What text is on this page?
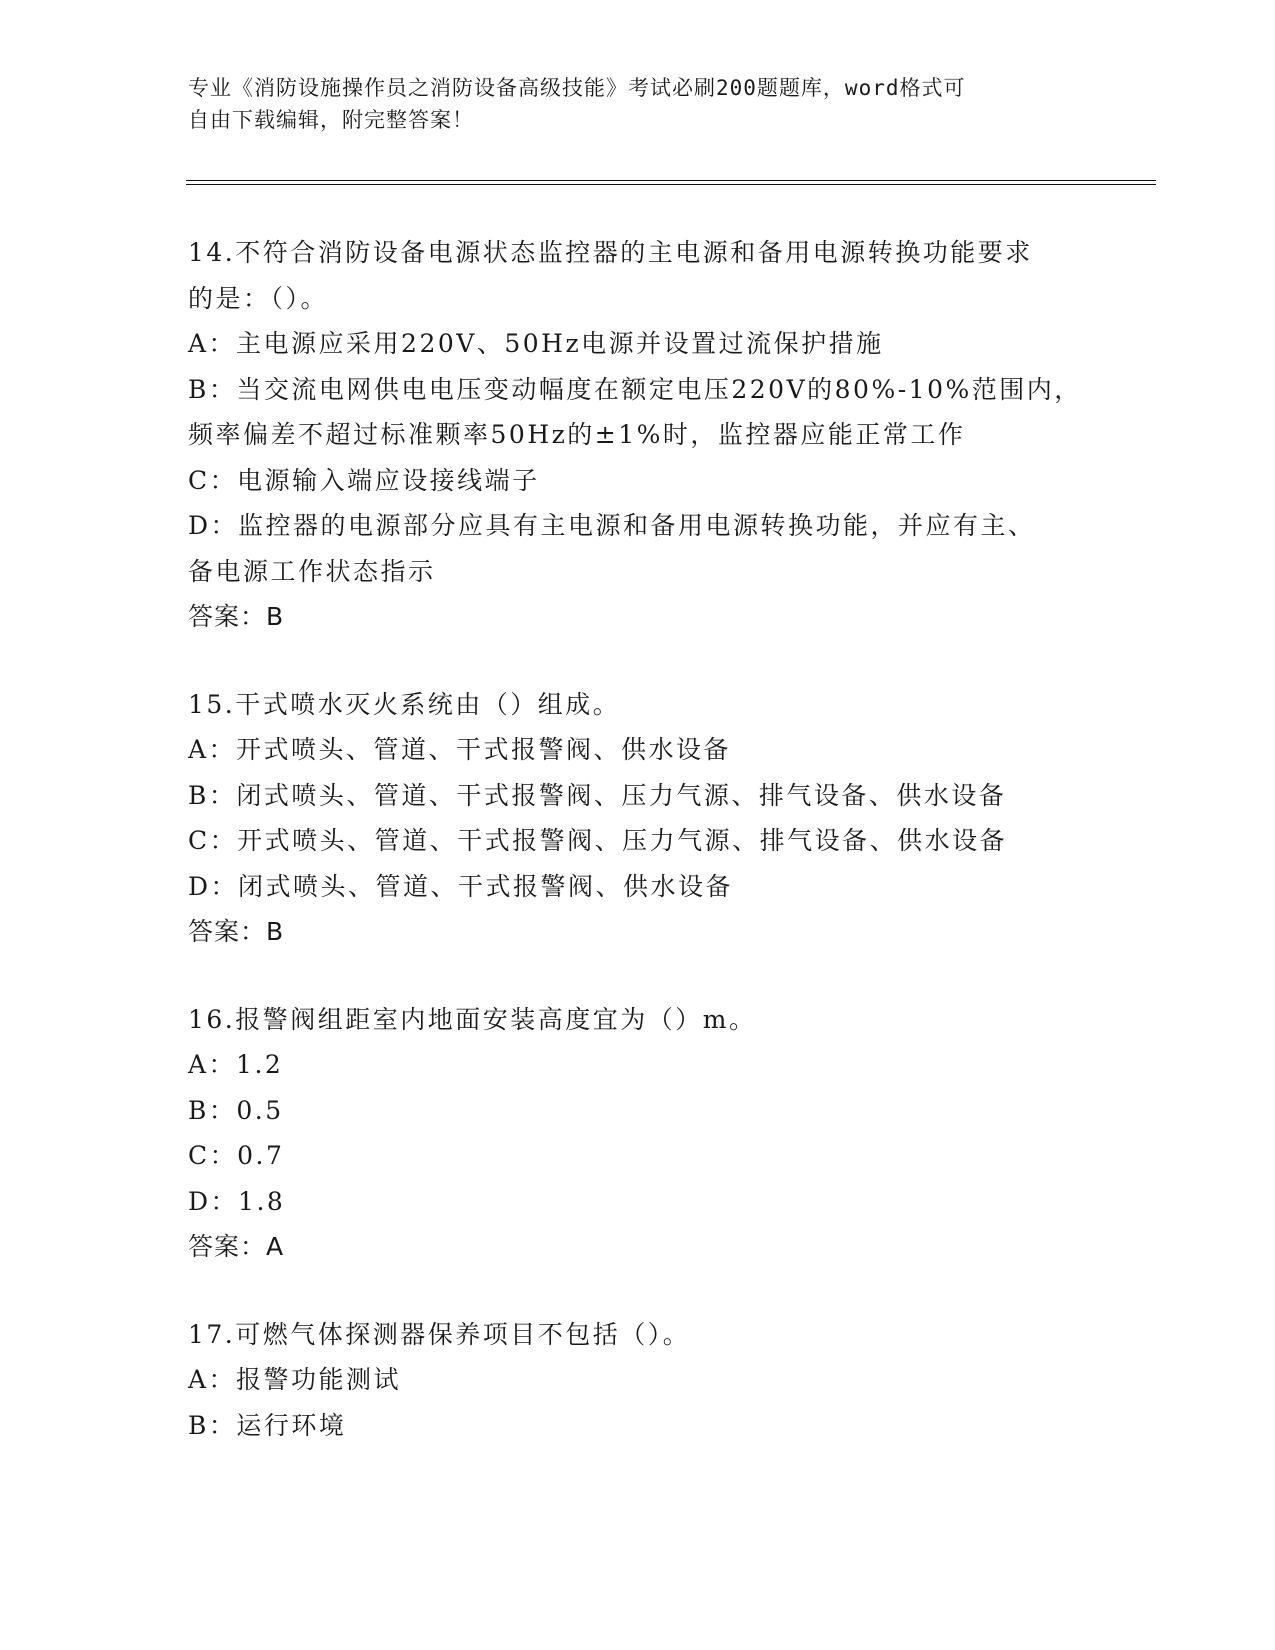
专业《消防设施操作员之消防设备高级技能》考试必刷200题题库，word格式可
自由下载编辑，附完整答案！
14.不符合消防设备电源状态监控器的主电源和备用电源转换功能要求
的是：（）。
A：主电源应采用220V、50Hz电源并设置过流保护措施
B：当交流电网供电电压变动幅度在额定电压220V的80%-10%范围内，
频率偏差不超过标准颗率50Hz的±1%时，监控器应能正常工作
C：电源输入端应设接线端子
D：监控器的电源部分应具有主电源和备用电源转换功能，并应有主、
备电源工作状态指示
答案：B
15.干式喷水灭火系统由（）组成。
A：开式喷头、管道、干式报警阀、供水设备
B：闭式喷头、管道、干式报警阀、压力气源、排气设备、供水设备
C：开式喷头、管道、干式报警阀、压力气源、排气设备、供水设备
D：闭式喷头、管道、干式报警阀、供水设备
答案：B
16.报警阀组距室内地面安装高度宜为（）m。
A：1.2
B：0.5
C：0.7
D：1.8
答案：A
17.可燃气体探测器保养项目不包括（）。
A：报警功能测试
B：运行环境
